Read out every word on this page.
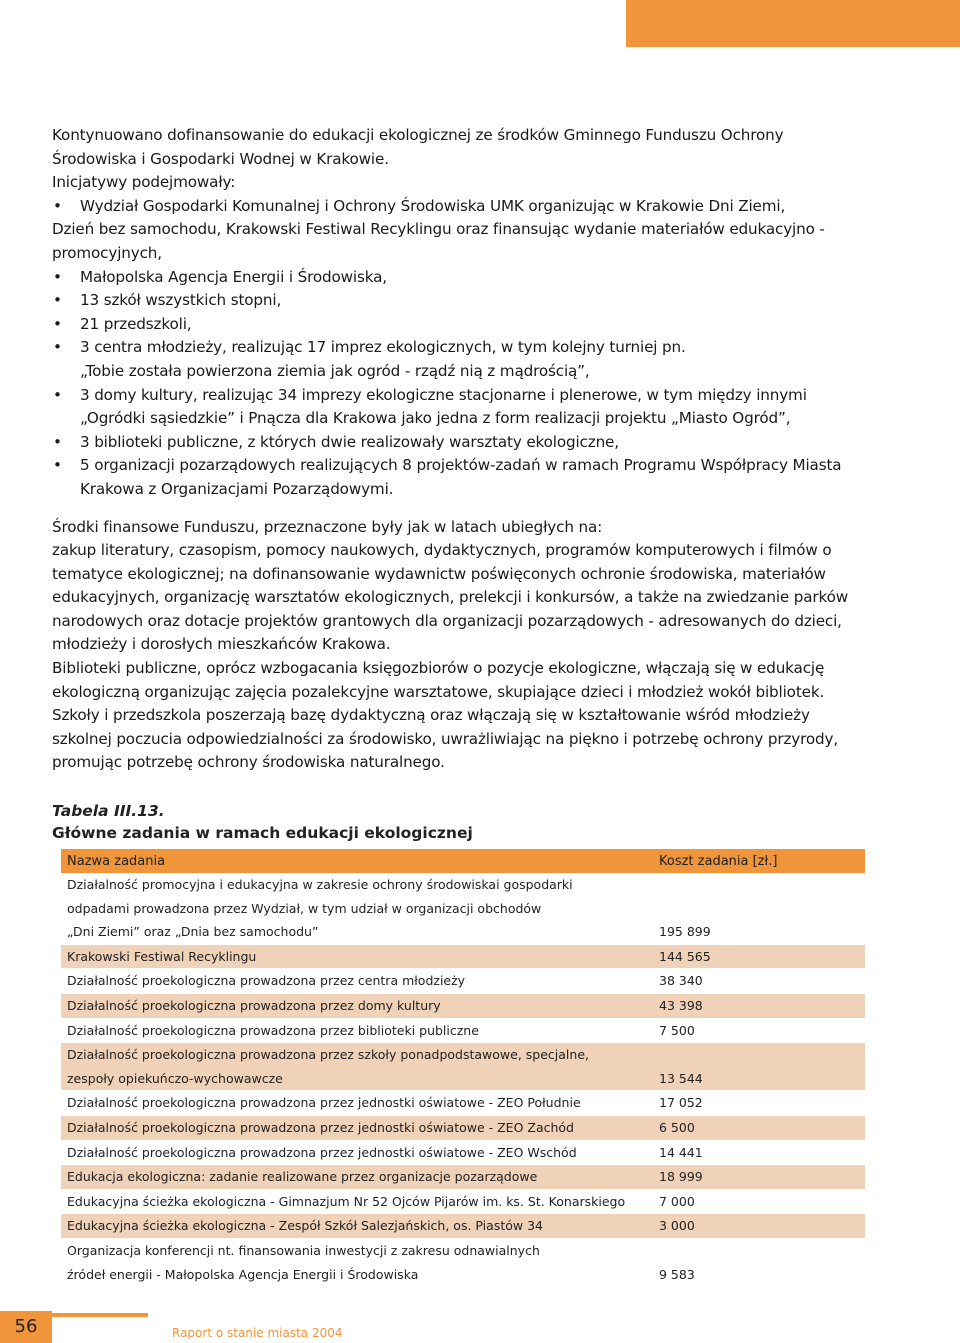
Kontynuowano dofinansowanie do edukacji ekologicznej ze środków Gminnego Funduszu Ochrony Środowiska i Gospodarki Wodnej w Krakowie.

Inicjatywy podejmowały:

• Wydział Gospodarki Komunalnej i Ochrony Środowiska UMK organizując w Krakowie Dni Ziemi,
Dzień bez samochodu, Krakowski Festiwal Recyklingu oraz finansując wydanie materiałów edukacyjno - promocyjnych,
• Małopolska Agencja Energii i Środowiska,
• 13 szkół wszystkich stopni,
• 21 przedszkoli,
• 3 centra młodzieży, realizując 17 imprez ekologicznych, w tym kolejny turniej pn.
„Tobie została powierzona ziemia jak ogród - rządź nią z mądrością”,
• 3 domy kultury, realizując 34 imprezy ekologiczne stacjonarne i plenerowe, w tym między innymi „Ogródki sąsiedzkie” i Pnącza dla Krakowa jako jedna z form realizacji projektu „Miasto Ogród”,
• 3 biblioteki publiczne, z których dwie realizowały warsztaty ekologiczne,
• 5 organizacji pozarządowych realizujących 8 projektów-zadań w ramach Programu Współpracy Miasta Krakowa z Organizacjami Pozarządowymi.

Środki finansowe Funduszu, przeznaczone były jak w latach ubiegłych na:

zakup literatury, czasopism, pomocy naukowych, dydaktycznych, programów komputerowych i filmów o tematyce ekologicznej; na dofinansowanie wydawnictw poświęconych ochronie środowiska, materiałów edukacyjnych, organizację warsztatów ekologicznych, prelekcji i konkursów, a także na zwiedzanie parków narodowych oraz dotacje projektów grantowych dla organizacji pozarządowych - adresowanych do dzieci, młodzieży i dorosłych mieszkańców Krakowa.

Biblioteki publiczne, oprócz wzbogacania księgozbiorów o pozycje ekologiczne, włączają się w edukację ekologiczną organizując zajęcia pozalekcyjne warsztatowe, skupiające dzieci i młodzież wokół bibliotek.

Szkoły i przedszkola poszerzają bazę dydaktyczną oraz włączają się w kształtowanie wśród młodzieży szkolnej poczucia odpowiedzialności za środowisko, uwrażliwiając na piękno i potrzebę ochrony przyrody, promując potrzebę ochrony środowiska naturalnego.

Tabela III.13.
Główne zadania w ramach edukacji ekologicznej
Nazwa zadania	Koszt zadania [zł.]
Działalność promocyjna i edukacyjna w zakresie ochrony środowiskai gospodarki
odpadami prowadzona przez Wydział, w tym udział w organizacji obchodów
„Dni Ziemi” oraz „Dnia bez samochodu”	195 899
Krakowski Festiwal Recyklingu	144 565
Działalność proekologiczna prowadzona przez centra młodzieży	38 340
Działalność proekologiczna prowadzona przez domy kultury	43 398
Działalność proekologiczna prowadzona przez biblioteki publiczne	7 500
Działalność proekologiczna prowadzona przez szkoły ponadpodstawowe, specjalne,
zespoły opiekuńczo-wychowawcze	13 544
Działalność proekologiczna prowadzona przez jednostki oświatowe - ZEO Południe	17 052
Działalność proekologiczna prowadzona przez jednostki oświatowe - ZEO Zachód	6 500
Działalność proekologiczna prowadzona przez jednostki oświatowe - ZEO Wschód	14 441
Edukacja ekologiczna: zadanie realizowane przez organizacje pozarządowe	18 999
Edukacyjna ścieżka ekologiczna - Gimnazjum Nr 52 Ojców Pijarów im. ks. St. Konarskiego	7 000
Edukacyjna ścieżka ekologiczna - Zespół Szkół Salezjańskich, os. Piastów 34	3 000
Organizacja konferencji nt. finansowania inwestycji z zakresu odnawialnych
źródeł energii - Małopolska Agencja Energii i Środowiska	9 583
56	Raport o stanie miasta 2004
